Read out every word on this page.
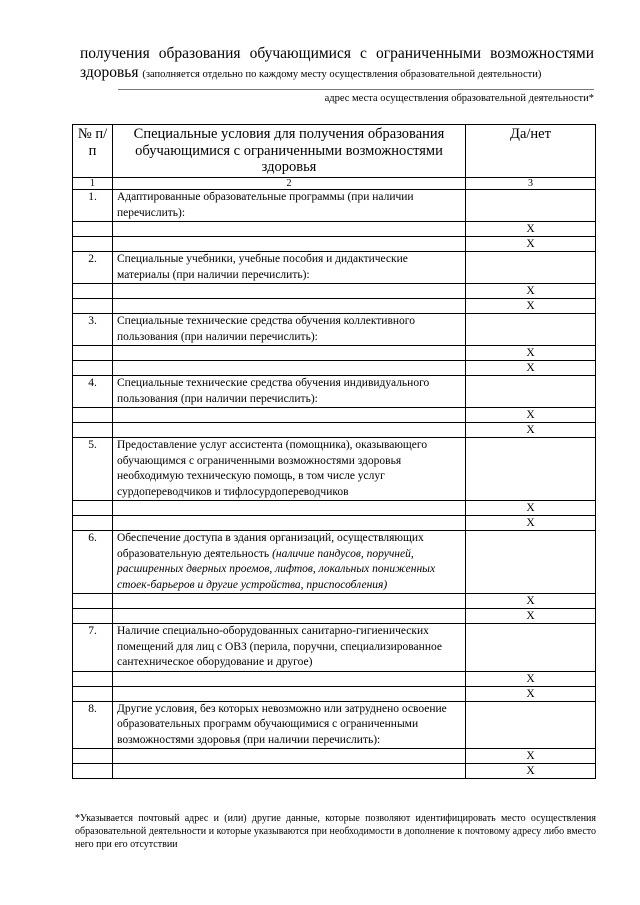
получения образования обучающимися с ограниченными возможностями
здоровья (заполняется отдельно по каждому месту осуществления образовательной деятельности)
адрес места осуществления образовательной деятельности*
№ п/п	Специальные условия для получения образования обучающимися с ограниченными возможностями здоровья	Да/нет
1	2	3
1.	Адаптированные образовательные программы (при наличии перечислить):	
		Х
		Х
2.	Специальные учебники, учебные пособия и дидактические материалы (при наличии перечислить):	
		Х
		Х
3.	Специальные технические средства обучения коллективного пользования (при наличии перечислить):	
		Х
		Х
4.	Специальные технические средства обучения индивидуального пользования (при наличии перечислить):	
		Х
		Х
5.	Предоставление услуг ассистента (помощника), оказывающего обучающимся с ограниченными возможностями здоровья необходимую техническую помощь, в том числе услуг сурдопереводчиков и тифлосурдопереводчиков	
		Х
		Х
6.	Обеспечение доступа в здания организаций, осуществляющих образовательную деятельность (наличие пандусов, поручней, расширенных дверных проемов, лифтов, локальных пониженных стоек-барьеров и другие устройства, приспособления)	
		Х
		Х
7.	Наличие специально-оборудованных санитарно-гигиенических помещений для лиц с ОВЗ (перила, поручни, специализированное сантехническое оборудование и другое)	
		Х
		Х
8.	Другие условия, без которых невозможно или затруднено освоение образовательных программ обучающимися с ограниченными возможностями здоровья (при наличии перечислить):	
		Х
		Х
*Указывается почтовый адрес и (или) другие данные, которые позволяют идентифицировать место осуществления образовательной деятельности и которые указываются при необходимости в дополнение к почтовому адресу либо вместо него при его отсутствии
